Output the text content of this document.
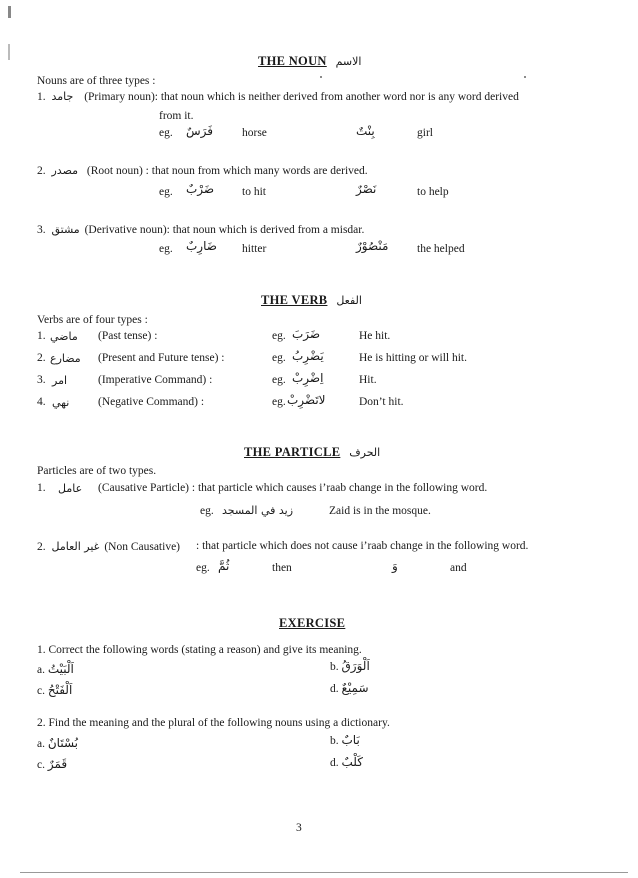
THE NOUN الاسم
Nouns are of three types :
1. جامد (Primary noun): that noun which is neither derived from another word nor is any word derived
from it.
eg. فَرَسٌ	horse	بِنْتٌ	girl
2. مصدر (Root noun) : that noun from which many words are derived.
eg. ضَرْبٌ to hit	نَصْرٌ	to help
3. مشتق (Derivative noun): that noun which is derived from a misdar.
eg. ضَارِبٌ hitter	مَنْصُوْرٌ the helped
THE VERB الفعل
Verbs are of four types :
1. ماضي (Past tense) :	eg. ضَرَبَ	He hit.
2. مضارع (Present and Future tense) :	eg. يَضْرِبُ	He is hitting or will hit.
3. امر	(Imperative Command) :	eg. اِضْرِبْ	Hit.
4. نهي (Negative Command) :	eg. لاتَضْرِبْ	Don’t hit.
THE PARTICLE الحرف
Particles are of two types.
1. عامل (Causative Particle) : that particle which causes i’raab change in the following word.
eg. زيد في المسجد	Zaid is in the mosque.
2. غير العامل (Non Causative) : that particle which does not cause i’raab change in the following word.
eg. ثُمَّ	then	وَ	and
EXERCISE
1. Correct the following words (stating a reason) and give its meaning.
a. اَلْبَيْتُ	b. اَلْوَرَقُ
c. اَلْفَتْحُ	d. سَمِيْعٌ
2. Find the meaning and the plural of the following nouns using a dictionary.
a. بُسْتَانٌ	b. بَابٌ
c. قَمَرٌ	d. كَلْبٌ
3
